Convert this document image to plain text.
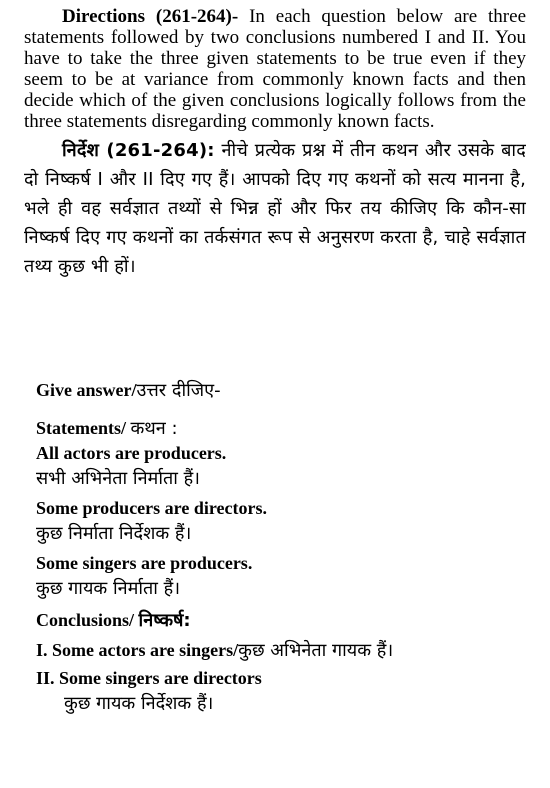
Directions (261-264)- In each question below are three statements followed by two conclusions numbered I and II. You have to take the three given statements to be true even if they seem to be at variance from commonly known facts and then decide which of the given conclusions logically follows from the three statements disregarding commonly known facts.

निर्देश (261-264): नीचे प्रत्येक प्रश्न में तीन कथन और उसके बाद दो निष्कर्ष I और II दिए गए हैं। आपको दिए गए कथनों को सत्य मानना है, भले ही वह सर्वज्ञात तथ्यों से भिन्न हों और फिर तय कीजिए कि कौन-सा निष्कर्ष दिए गए कथनों का तर्कसंगत रूप से अनुसरण करता है, चाहे सर्वज्ञात तथ्य कुछ भी हों।

Give answer/उत्तर दीजिए-
Statements/ कथन :
All actors are producers.
सभी अभिनेता निर्माता हैं।
Some producers are directors.
कुछ निर्माता निर्देशक हैं।
Some singers are producers.
कुछ गायक निर्माता हैं।
Conclusions/ निष्कर्ष:
I. Some actors are singers/कुछ अभिनेता गायक हैं।
II. Some singers are directors
कुछ गायक निर्देशक हैं।
